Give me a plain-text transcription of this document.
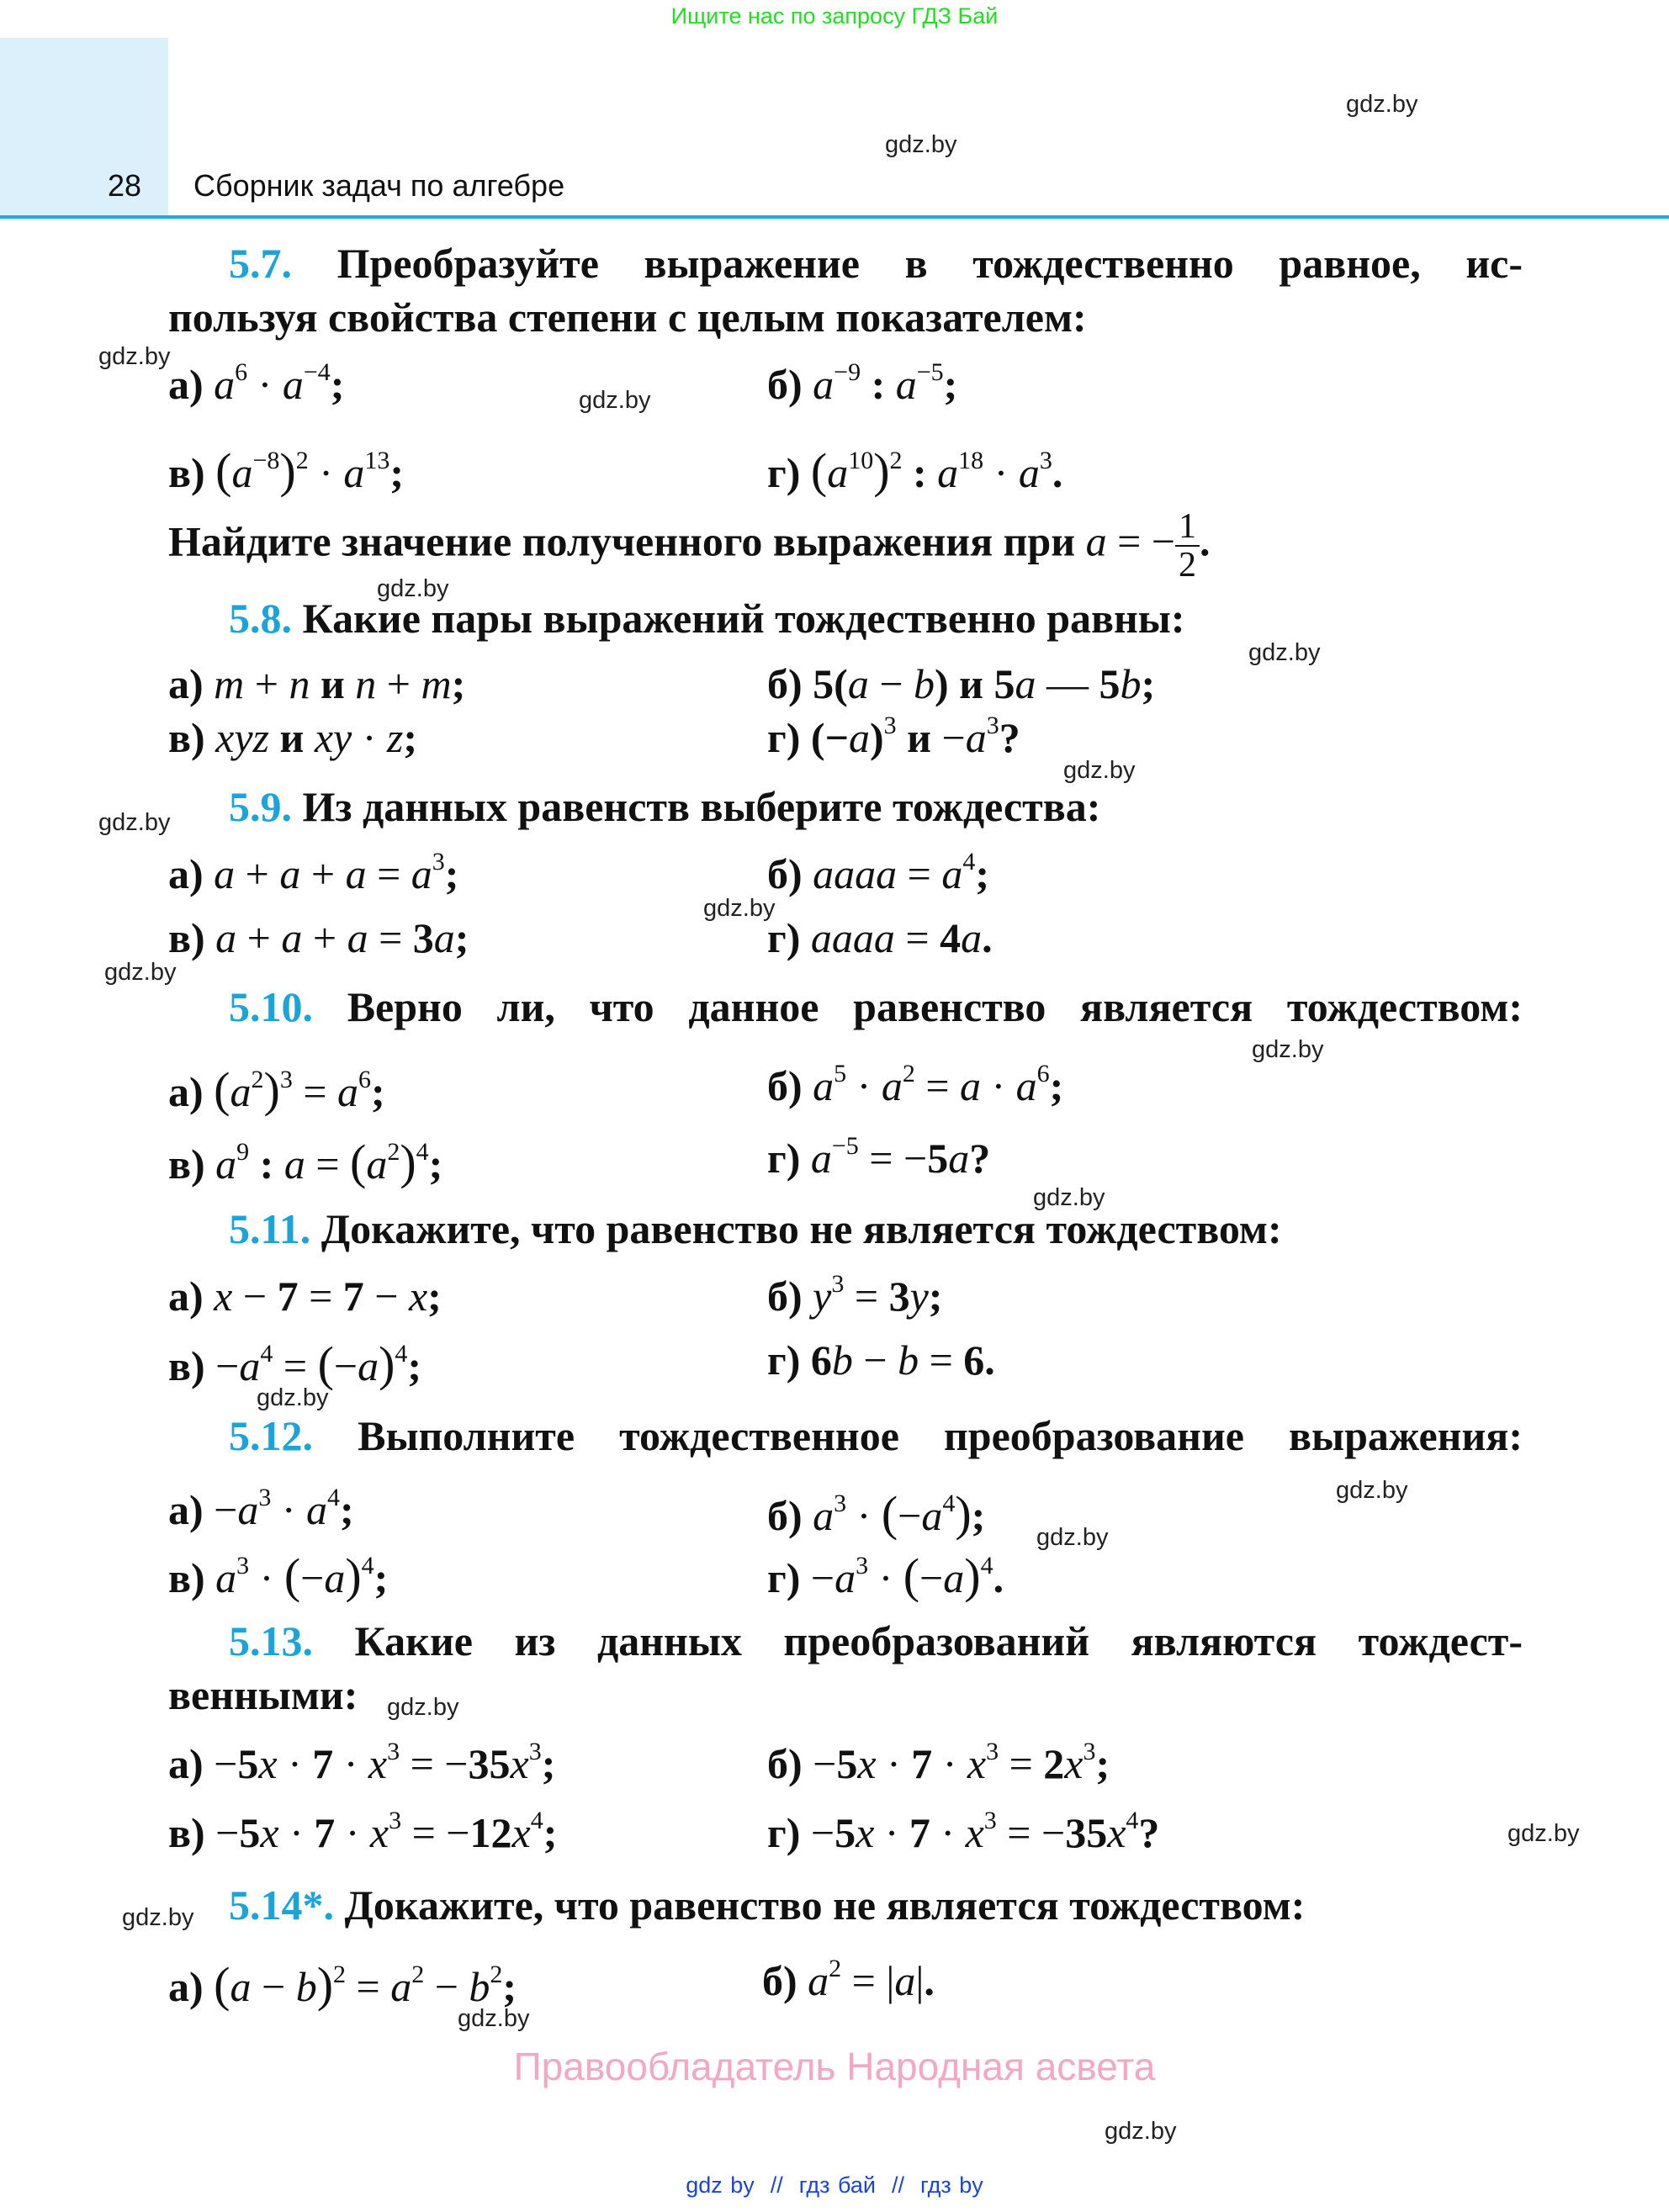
Ищите нас по запросу ГДЗ Бай
28 Сборник задач по алгебре
gdz.by
gdz.by
gdz.by
gdz.by
gdz.by
gdz.by
gdz.by
gdz.by
gdz.by
gdz.by
gdz.by
gdz.by
gdz.by
gdz.by
gdz.by
gdz.by
gdz.by
gdz.by
gdz.by
gdz.by
5.7. Преобразуйте выражение в тождественно равное, ис-
пользуя свойства степени с целым показателем:
а) $a^6 \cdot a^{-4}$;	б) $a^{-9}$ : $a^{-5}$;
в) $(a^{-8})^2 \cdot a^{13}$;	г) $(a^{10})^2$ : $a^{18} \cdot a^3$.
Найдите значение полученного выражения при a = − $\frac{1}{2}$ .
5.8. Какие пары выражений тождественно равны:
а) m + n и n + m;	б) 5(a − b) и 5a — 5b;
в) xyz и xy · z;	г) $(-a)^3$ $и -a^3$?
5.9. Из данных равенств выберите тождества:
а) $a + a + a = a^3$;	б) aaaa = $a^4$;
в) a + a + a = 3a;	г) aaaa = 4a.
5.10. Верно ли, что данное равенство является тождеством:
а) $(a^2)^3 = a^6$;	б) $a^5 \cdot a^2 = a \cdot a^6$;
в) $a^9$ : $a = (a^2)^4$;	г) $a^{-5} = -5a$?
5.11. Докажите, что равенство не является тождеством:
а) x − 7 = 7 − x;	б) $y^3 = 3y$;
$в) -a^4 = (-a)^4$;	г) 6b − b = 6.
5.12. Выполните тождественное преобразование выражения:
$а) -a^3 \cdot a^4$;	б) $a^3 \cdot (-a^4)$;
в) $a^3 \cdot (-a)^4$;	$г) -a^3 \cdot (-a)^4$.
5.13. Какие из данных преобразований являются тождест-
венными:
$а) -5x \cdot 7 \cdot x^3 = -35x^3$;	$б) -5x \cdot 7 \cdot x^3 = 2x^3$;
$в) -5x \cdot 7 \cdot x^3 = -12x^4$;	$г) -5x \cdot 7 \cdot x^3 = -35x^4$?
5.14*. Докажите, что равенство не является тождеством:
а) $(a - b)^2 = a^2 - b^2$;	б) $a^2 = |a|$.
Правообладатель Народная асвета
gdz by  //  гдз бай  //  гдз by
